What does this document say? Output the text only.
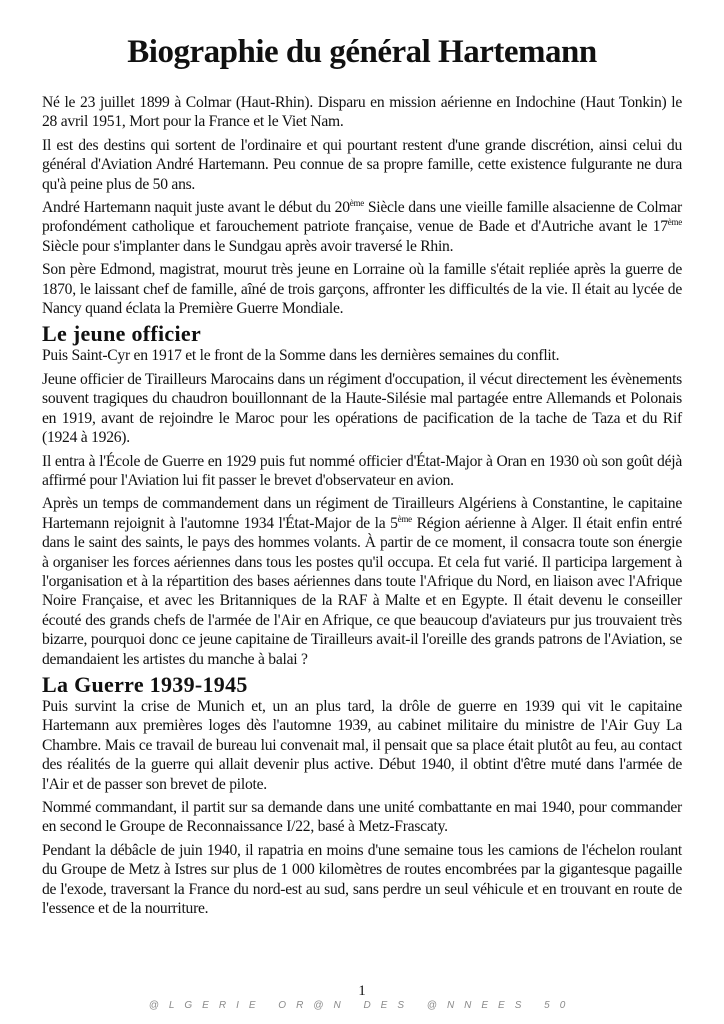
Biographie du général Hartemann

Né le 23 juillet 1899 à Colmar (Haut-Rhin). Disparu en mission aérienne en Indochine (Haut Tonkin) le 28 avril 1951, Mort pour la France et le Viet Nam.

Il est des destins qui sortent de l'ordinaire et qui pourtant restent d'une grande discrétion, ainsi celui du général d'Aviation André Hartemann. Peu connue de sa propre famille, cette existence fulgurante ne dura qu'à peine plus de 50 ans.

André Hartemann naquit juste avant le début du 20ème Siècle dans une vieille famille alsacienne de Colmar profondément catholique et farouchement patriote française, venue de Bade et d'Autriche avant le 17ème Siècle pour s'implanter dans le Sundgau après avoir traversé le Rhin.

Son père Edmond, magistrat, mourut très jeune en Lorraine où la famille s'était repliée après la guerre de 1870, le laissant chef de famille, aîné de trois garçons, affronter les difficultés de la vie. Il était au lycée de Nancy quand éclata la Première Guerre Mondiale.

Le jeune officier

Puis Saint-Cyr en 1917 et le front de la Somme dans les dernières semaines du conflit.

Jeune officier de Tirailleurs Marocains dans un régiment d'occupation, il vécut directement les évènements souvent tragiques du chaudron bouillonnant de la Haute-Silésie mal partagée entre Allemands et Polonais en 1919, avant de rejoindre le Maroc pour les opérations de pacification de la tache de Taza et du Rif (1924 à 1926).

Il entra à l'École de Guerre en 1929 puis fut nommé officier d'État-Major à Oran en 1930 où son goût déjà affirmé pour l'Aviation lui fit passer le brevet d'observateur en avion.

Après un temps de commandement dans un régiment de Tirailleurs Algériens à Constantine, le capitaine Hartemann rejoignit à l'automne 1934 l'État-Major de la 5ème Région aérienne à Alger. Il était enfin entré dans le saint des saints, le pays des hommes volants. À partir de ce moment, il consacra toute son énergie à organiser les forces aériennes dans tous les postes qu'il occupa. Et cela fut varié. Il participa largement à l'organisation et à la répartition des bases aériennes dans toute l'Afrique du Nord, en liaison avec l'Afrique Noire Française, et avec les Britanniques de la RAF à Malte et en Egypte. Il était devenu le conseiller écouté des grands chefs de l'armée de l'Air en Afrique, ce que beaucoup d'aviateurs pur jus trouvaient très bizarre, pourquoi donc ce jeune capitaine de Tirailleurs avait-il l'oreille des grands patrons de l'Aviation, se demandaient les artistes du manche à balai ?

La Guerre 1939-1945

Puis survint la crise de Munich et, un an plus tard, la drôle de guerre en 1939 qui vit le capitaine Hartemann aux premières loges dès l'automne 1939, au cabinet militaire du ministre de l'Air Guy La Chambre. Mais ce travail de bureau lui convenait mal, il pensait que sa place était plutôt au feu, au contact des réalités de la guerre qui allait devenir plus active. Début 1940, il obtint d'être muté dans l'armée de l'Air et de passer son brevet de pilote.

Nommé commandant, il partit sur sa demande dans une unité combattante en mai 1940, pour commander en second le Groupe de Reconnaissance I/22, basé à Metz-Frascaty.

Pendant la débâcle de juin 1940, il rapatria en moins d'une semaine tous les camions de l'échelon roulant du Groupe de Metz à Istres sur plus de 1 000 kilomètres de routes encombrées par la gigantesque pagaille de l'exode, traversant la France du nord-est au sud, sans perdre un seul véhicule et en trouvant en route de l'essence et de la nourriture.

1
@LGERIE OR@N DES @NNEES 50
